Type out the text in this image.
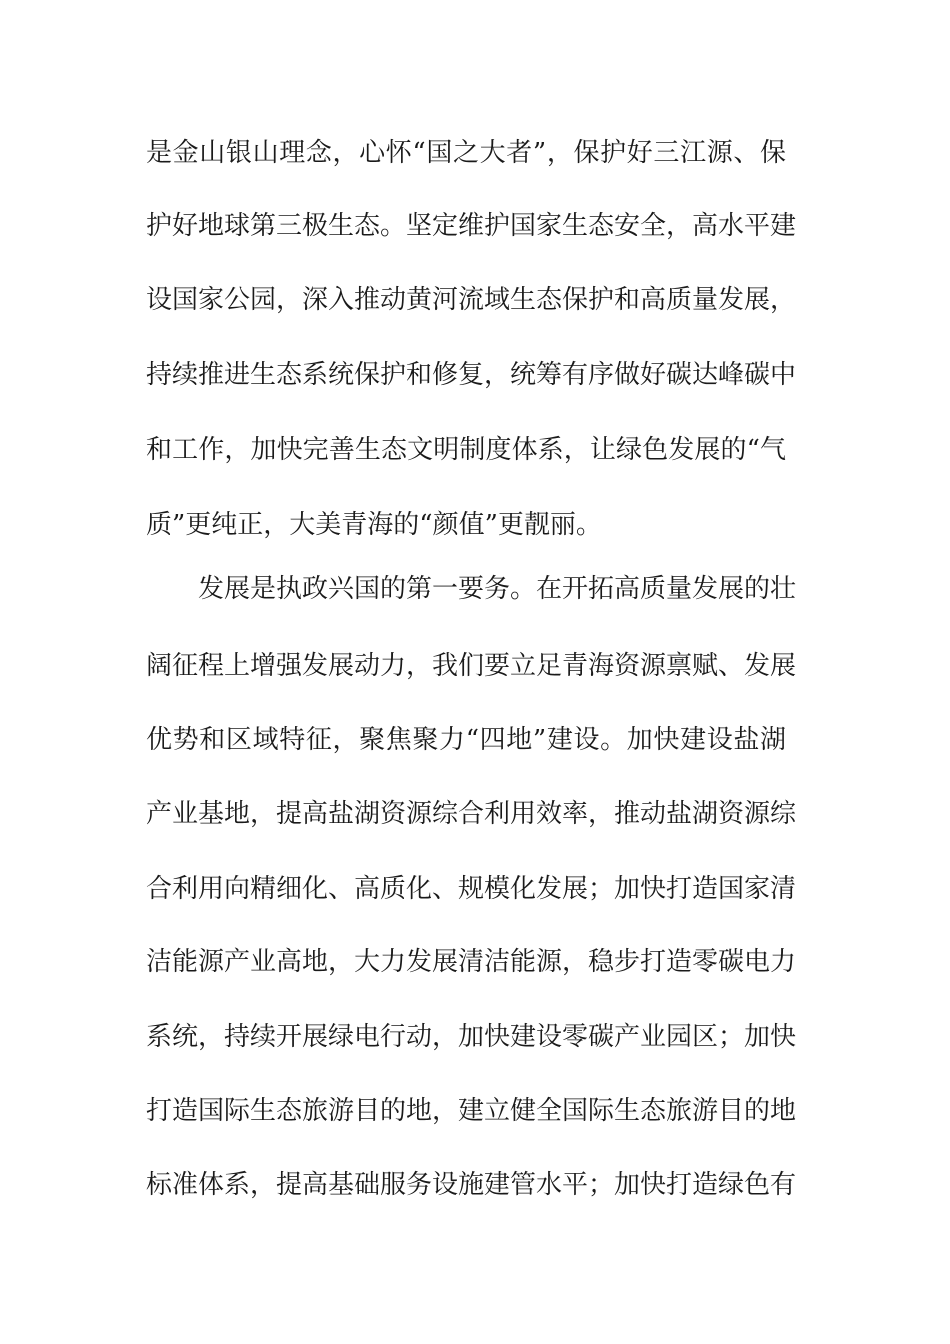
是金山银山理念，心怀“国之大者”，保护好三江源、保
护好地球第三极生态。坚定维护国家生态安全，高水平建
设国家公园，深入推动黄河流域生态保护和高质量发展，
持续推进生态系统保护和修复，统筹有序做好碳达峰碳中
和工作，加快完善生态文明制度体系，让绿色发展的“气
质”更纯正，大美青海的“颜值”更靓丽。
发展是执政兴国的第一要务。在开拓高质量发展的壮
阔征程上增强发展动力，我们要立足青海资源禀赋、发展
优势和区域特征，聚焦聚力“四地”建设。加快建设盐湖
产业基地，提高盐湖资源综合利用效率，推动盐湖资源综
合利用向精细化、高质化、规模化发展；加快打造国家清
洁能源产业高地，大力发展清洁能源，稳步打造零碳电力
系统，持续开展绿电行动，加快建设零碳产业园区；加快
打造国际生态旅游目的地，建立健全国际生态旅游目的地
标准体系，提高基础服务设施建管水平；加快打造绿色有
